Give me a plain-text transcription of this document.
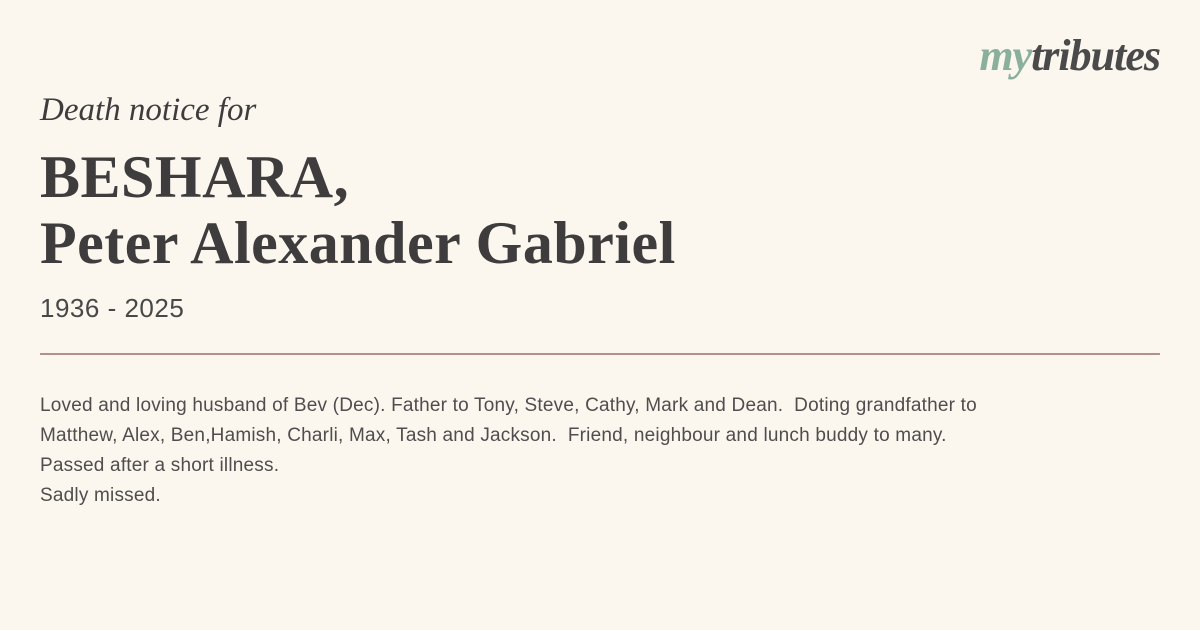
mytributes
Death notice for
BESHARA,
Peter Alexander Gabriel
1936 - 2025
Loved and loving husband of Bev (Dec). Father to Tony, Steve, Cathy, Mark and Dean.  Doting grandfather to
Matthew, Alex, Ben,Hamish, Charli, Max, Tash and Jackson.  Friend, neighbour and lunch buddy to many.
Passed after a short illness.
Sadly missed.
